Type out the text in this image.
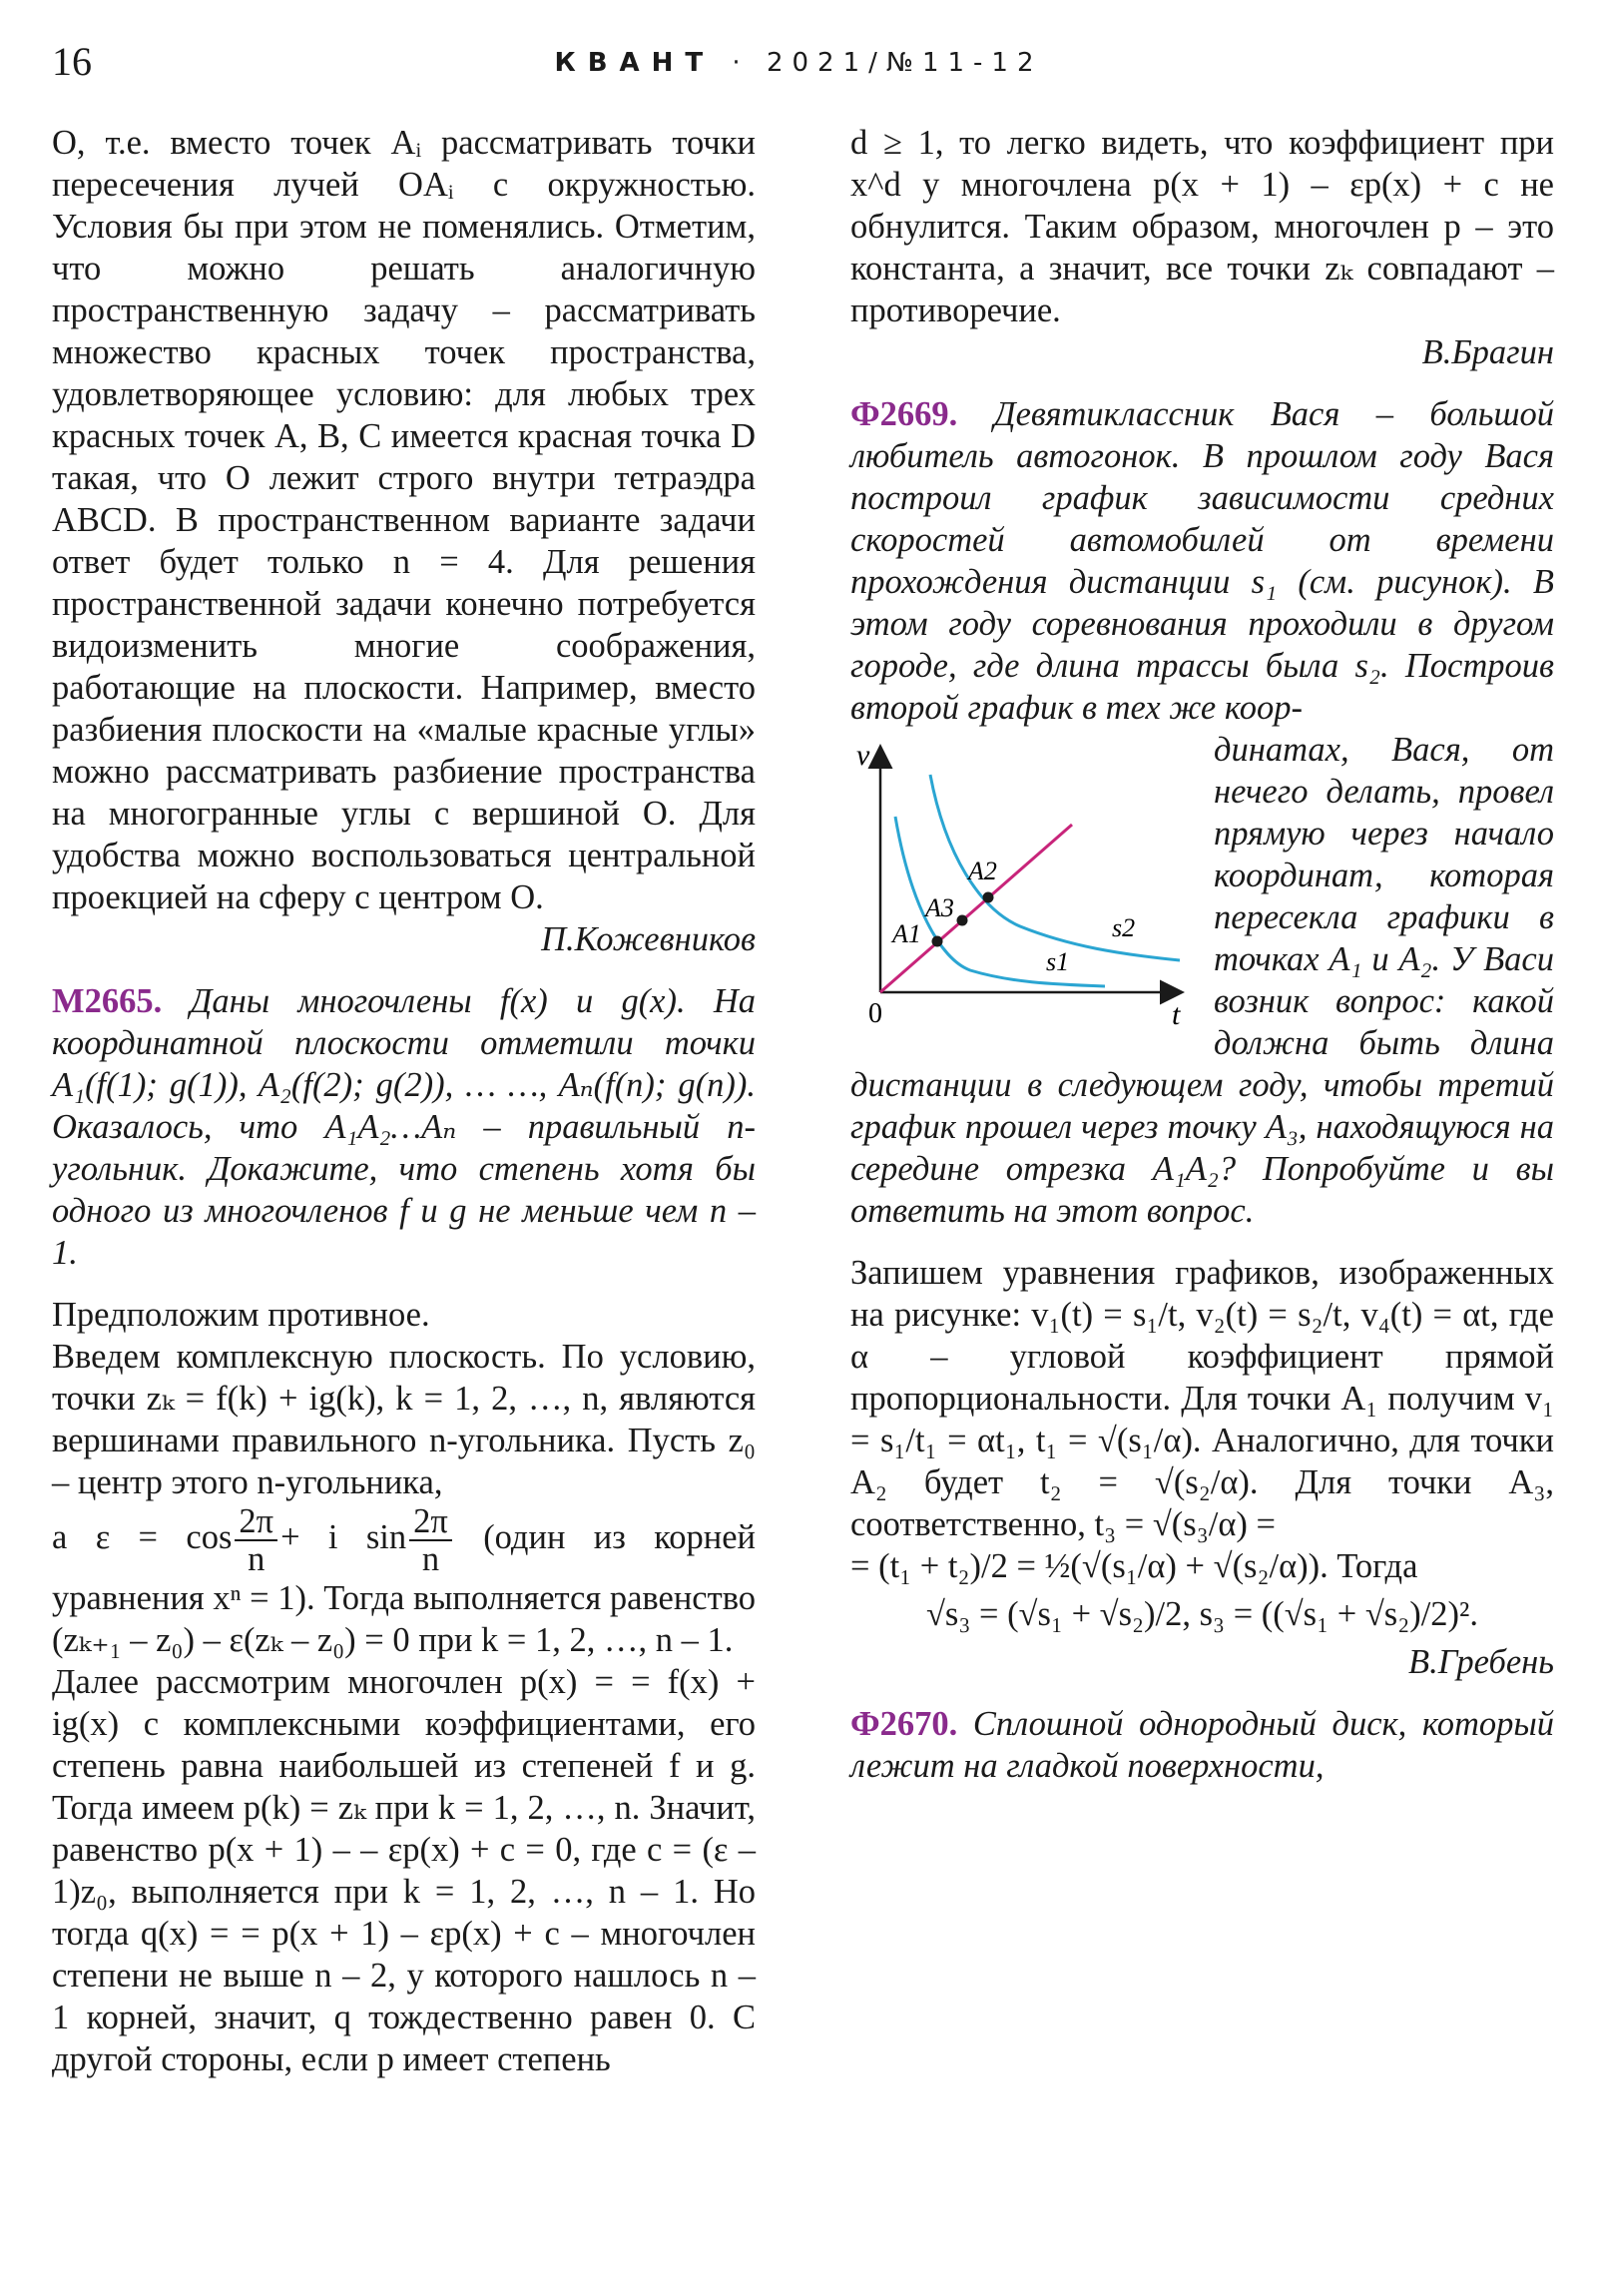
16	КВАНТ · 2021/№11-12

O, т.е. вместо точек Aᵢ рассматривать точки пересечения лучей OAᵢ с окружностью. Условия бы при этом не поменялись. Отметим, что можно решать аналогичную пространственную задачу – рассматривать множество красных точек пространства, удовлетворяющее условию: для любых трех красных точек A, B, C имеется красная точка D такая, что O лежит строго внутри тетраэдра ABCD. В пространственном варианте задачи ответ будет только n = 4. Для решения пространственной задачи конечно потребуется видоизменить многие соображения, работающие на плоскости. Например, вместо разбиения плоскости на «малые красные углы» можно рассматривать разбиение пространства на многогранные углы с вершиной O. Для удобства можно воспользоваться центральной проекцией на сферу с центром O.

П.Кожевников

М2665. Даны многочлены f(x) и g(x). На координатной плоскости отметили точки A₁(f(1); g(1)), A₂(f(2); g(2)), … …, Aₙ(f(n); g(n)). Оказалось, что A₁A₂…Aₙ – правильный n-угольник. Докажите, что степень хотя бы одного из многочленов f и g не меньше чем n – 1.

Предположим противное.

Введем комплексную плоскость. По условию, точки zₖ = f(k) + ig(k), k = 1, 2, …, n, являются вершинами правильного n-угольника. Пусть z₀ – центр этого n-угольника,

а $\varepsilon = \cos \frac{2\pi}{n} + i$ $\sin \frac{2\pi}{n}$ (один из корней уравнения xⁿ = 1). Тогда выполняется равенство (zₖ₊₁ – z₀) – ε(zₖ – z₀) = 0 при k = 1, 2, …, n – 1.

Далее рассмотрим многочлен p(x) = = f(x) + ig(x) с комплексными коэффициентами, его степень равна наибольшей из степеней f и g. Тогда имеем p(k) = zₖ при k = 1, 2, …, n. Значит, равенство p(x + 1) – – εp(x) + c = 0, где c = (ε – 1)z₀, выполняется при k = 1, 2, …, n – 1. Но тогда q(x) = = p(x + 1) – εp(x) + c – многочлен степени не выше n – 2, у которого нашлось n – 1 корней, значит, q тождественно равен 0. С другой стороны, если p имеет степень

d ≥ 1, то легко видеть, что коэффициент при x^d у многочлена p(x + 1) – εp(x) + c не обнулится. Таким образом, многочлен p – это константа, а значит, все точки zₖ совпадают – противоречие.

В.Брагин

Ф2669. Девятиклассник Вася – большой любитель автогонок. В прошлом году Вася построил график зависимости средних скоростей автомобилей от времени прохождения дистанции s₁ (см. рисунок). В этом году соревнования проходили в другом городе, где длина трассы была s₂. Построив второй график в тех же коор-

v
t
0
A1
A3
A2
s2
s1

динатах, Вася, от нечего делать, провел прямую через начало координат, которая пересекла графики в точках A₁ и A₂. У Васи возник вопрос: какой должна быть длина дистанции в следующем году, чтобы третий график прошел через точку A₃, находящуюся на середине отрезка A₁A₂? Попробуйте и вы ответить на этот вопрос.

Запишем уравнения графиков, изображенных на рисунке: v₁(t) = s₁/t, v₂(t) = s₂/t, v₄(t) = αt, где α – угловой коэффициент прямой пропорциональности. Для точки A₁ получим v₁ = s₁/t₁ = αt₁, t₁ = √(s₁/α). Аналогично, для точки A₂ будет t₂ = √(s₂/α). Для точки A₃, соответственно, t₃ = √(s₃/α) =

= (t₁ + t₂)/2 = ½(√(s₁/α) + √(s₂/α)). Тогда

√s₃ = (√s₁ + √s₂)/2, s₃ = ((√s₁ + √s₂)/2)².

В.Гребень

Ф2670. Сплошной однородный диск, который лежит на гладкой поверхности,
